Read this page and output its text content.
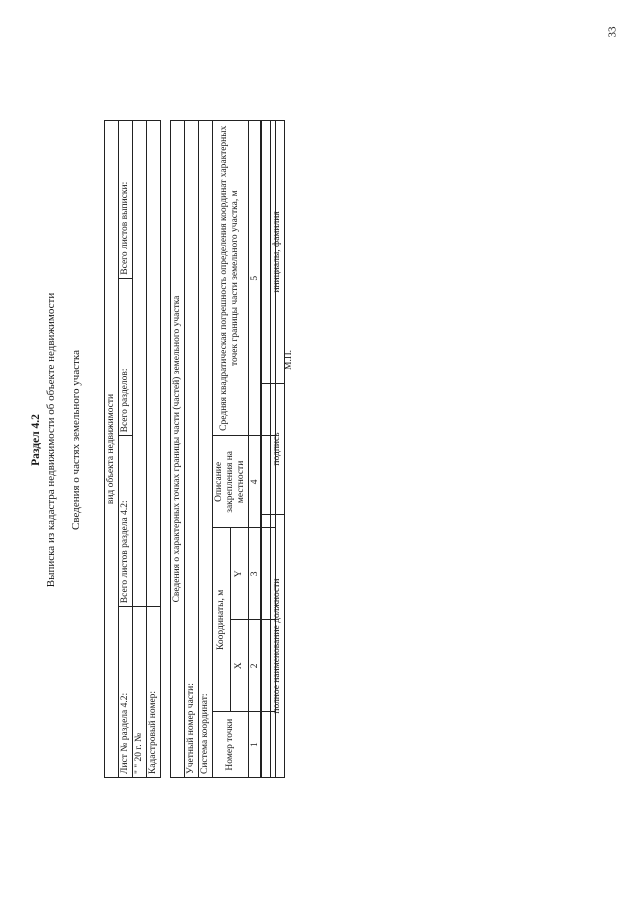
33
Раздел 4.2 Выписка из кадастра недвижимости об объекте недвижимости Сведения о частях земельного участка	вид объекта недвижимости			
Лист № раздела 4.2:	Всего листов раздела 4.2:	Всего разделов:	Всего листов выписки:
" " 20 г. №			
Кадастровый номер:			
Сведения о характерных точках границы части (частей) земельного участка				
Учетный номер части:				
Система координат:				
Номер точки	Координаты, м		Описание закрепления на местности	Средняя квадратическая погрешность определения координат характерных точек границы части земельного участка, м
	X	Y		
1	2	3	4	5

полное наименование должности	подпись	инициалы, фамилия
М.П.
